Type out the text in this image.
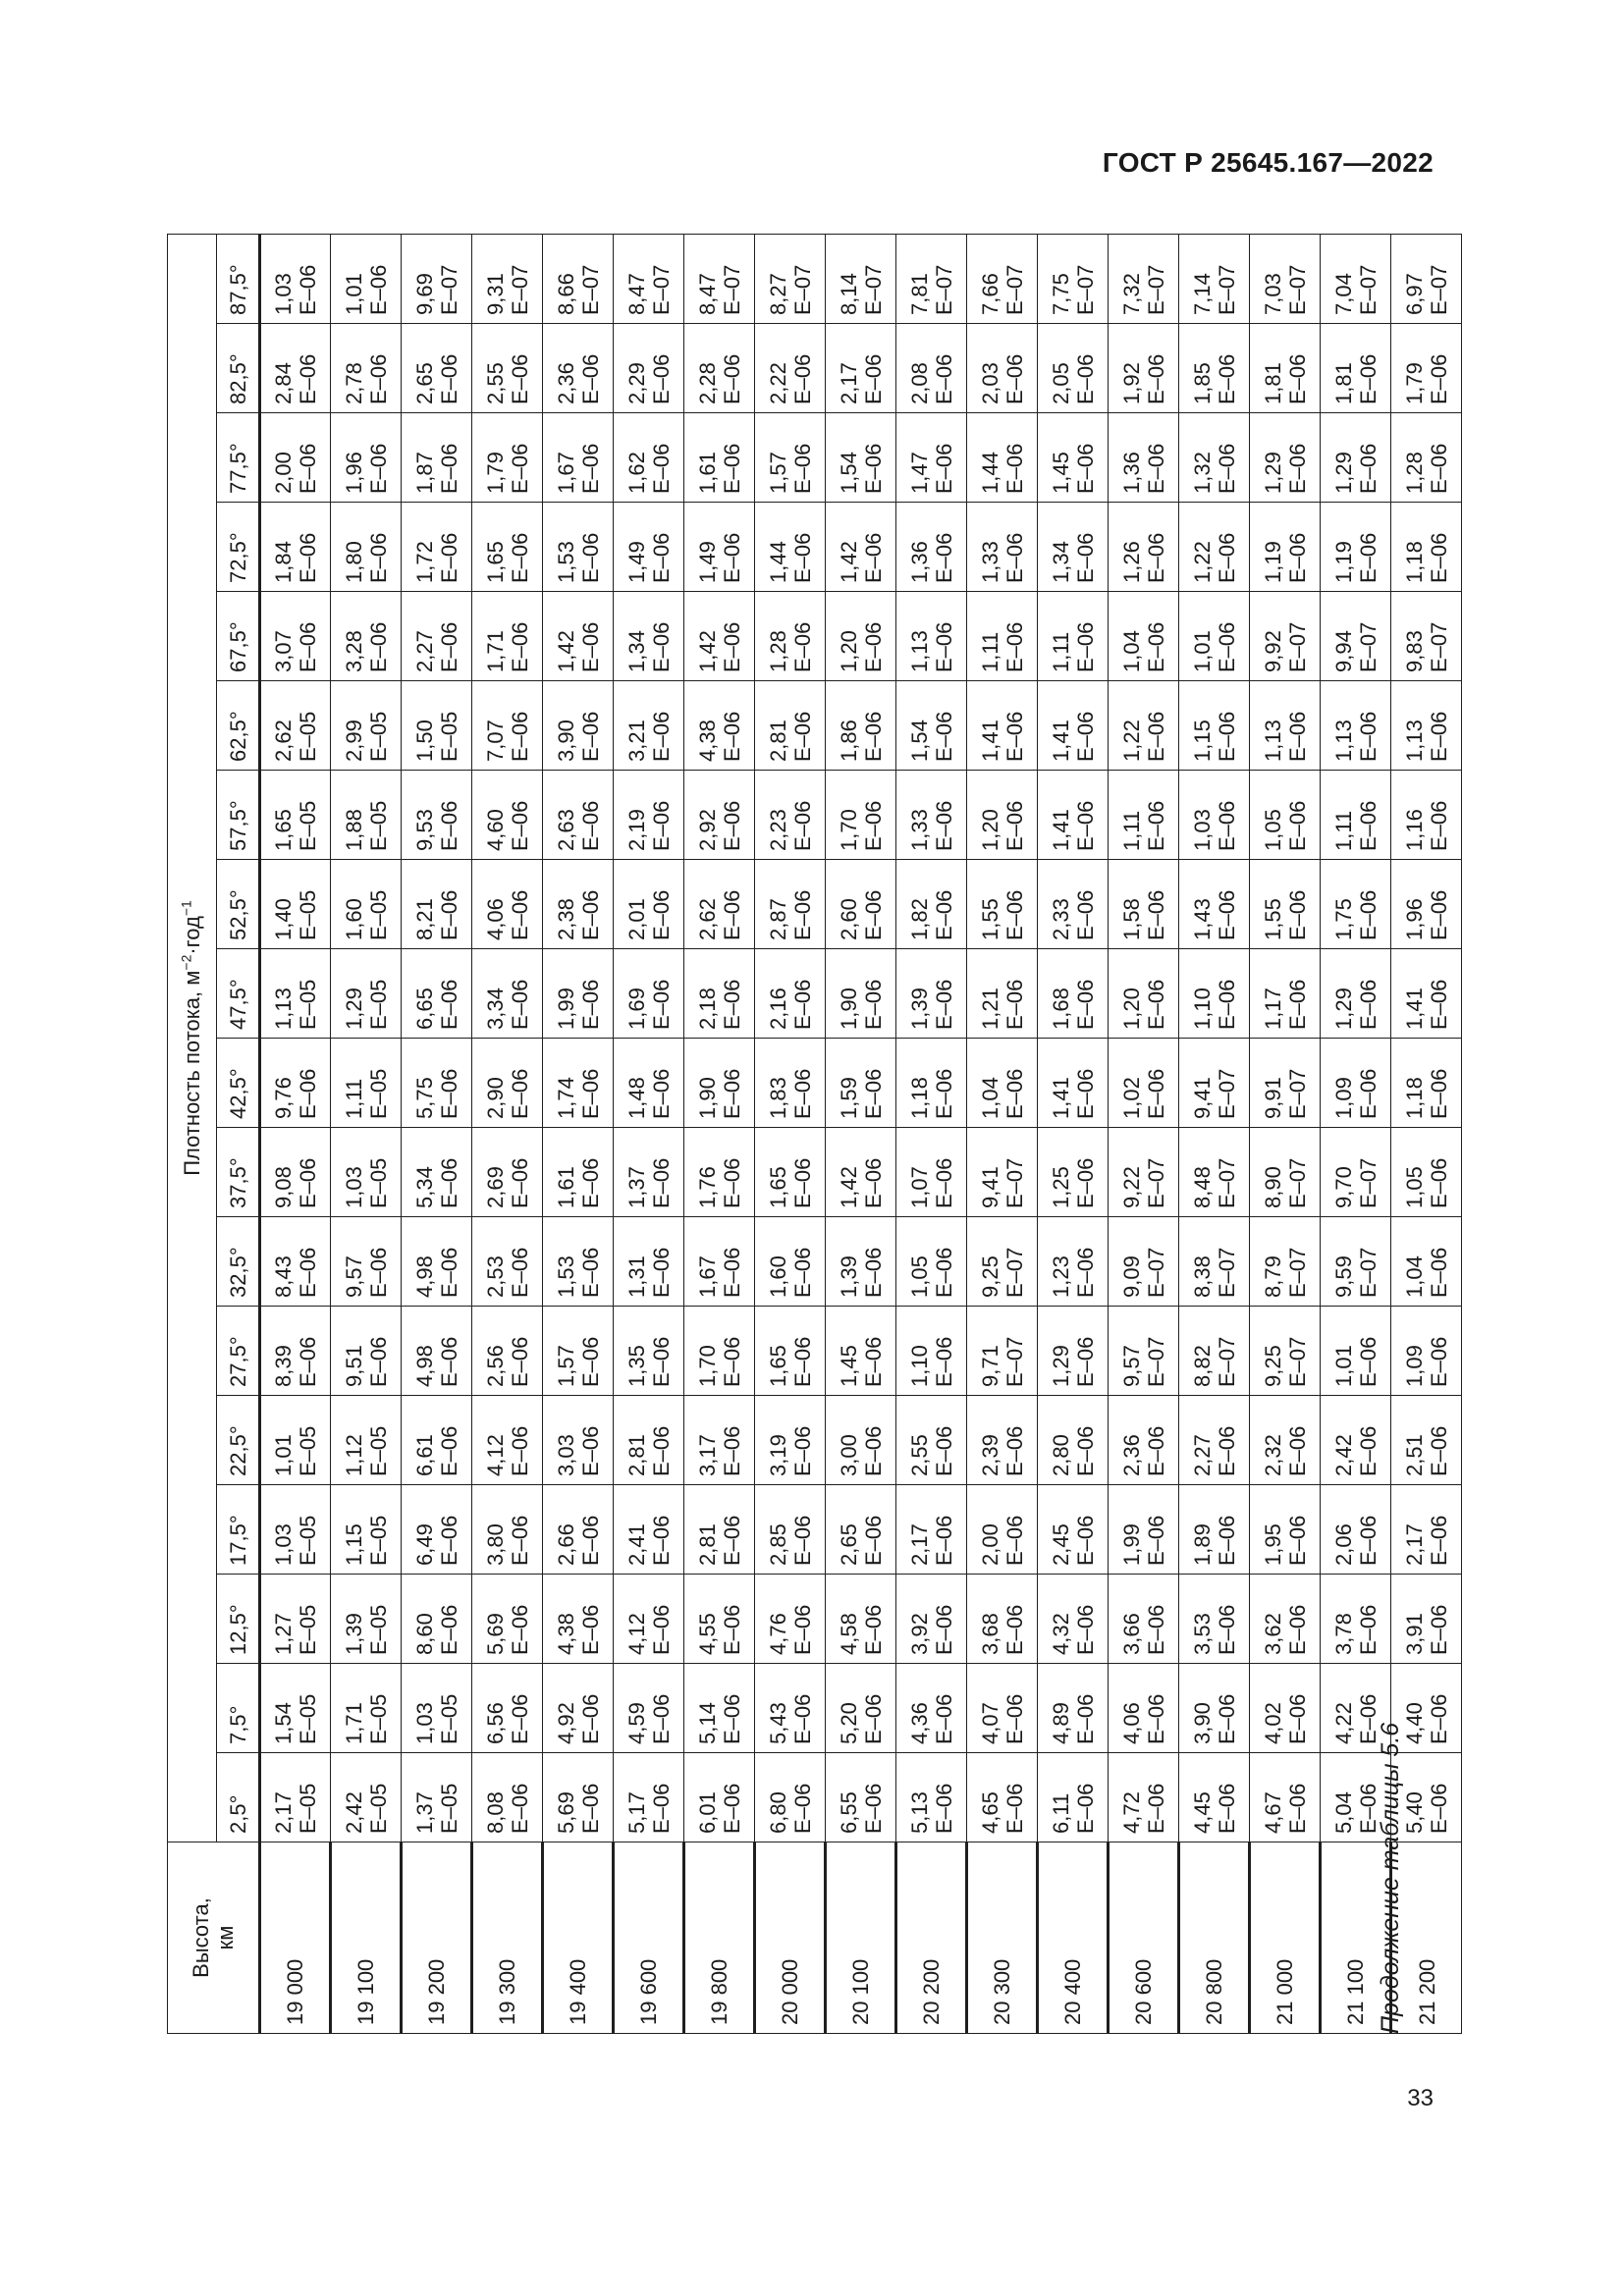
ГОСТ Р 25645.167—2022
Высота, км	Плотность потока, $м^{-2}\cdot год^{-1}$
	2,5°	7,5°	12,5°	17,5°	22,5°	27,5°	32,5°	37,5°	42,5°	47,5°	52,5°	57,5°	62,5°	67,5°	72,5°	77,5°	82,5°	87,5°
19 000	2,17 Е–05	1,54 Е–05	1,27 Е–05	1,03 Е–05	1,01 Е–05	8,39 Е–06	8,43 Е–06	9,08 Е–06	9,76 Е–06	1,13 Е–05	1,40 Е–05	1,65 Е–05	2,62 Е–05	3,07 Е–06	1,84 Е–06	2,00 Е–06	2,84 Е–06	1,03 Е–06

19 100	2,42 Е–05	1,71 Е–05	1,39 Е–05	1,15 Е–05	1,12 Е–05	9,51 Е–06	9,57 Е–06	1,03 Е–05	1,11 Е–05	1,29 Е–05	1,60 Е–05	1,88 Е–05	2,99 Е–05	3,28 Е–06	1,80 Е–06	1,96 Е–06	2,78 Е–06	1,01 Е–06

19 200	1,37 Е–05	1,03 Е–05	8,60 Е–06	6,49 Е–06	6,61 Е–06	4,98 Е–06	4,98 Е–06	5,34 Е–06	5,75 Е–06	6,65 Е–06	8,21 Е–06	9,53 Е–06	1,50 Е–05	2,27 Е–06	1,72 Е–06	1,87 Е–06	2,65 Е–06	9,69 Е–07

19 300	8,08 Е–06	6,56 Е–06	5,69 Е–06	3,80 Е–06	4,12 Е–06	2,56 Е–06	2,53 Е–06	2,69 Е–06	2,90 Е–06	3,34 Е–06	4,06 Е–06	4,60 Е–06	7,07 Е–06	1,71 Е–06	1,65 Е–06	1,79 Е–06	2,55 Е–06	9,31 Е–07

19 400	5,69 Е–06	4,92 Е–06	4,38 Е–06	2,66 Е–06	3,03 Е–06	1,57 Е–06	1,53 Е–06	1,61 Е–06	1,74 Е–06	1,99 Е–06	2,38 Е–06	2,63 Е–06	3,90 Е–06	1,42 Е–06	1,53 Е–06	1,67 Е–06	2,36 Е–06	8,66 Е–07

19 600	5,17 Е–06	4,59 Е–06	4,12 Е–06	2,41 Е–06	2,81 Е–06	1,35 Е–06	1,31 Е–06	1,37 Е–06	1,48 Е–06	1,69 Е–06	2,01 Е–06	2,19 Е–06	3,21 Е–06	1,34 Е–06	1,49 Е–06	1,62 Е–06	2,29 Е–06	8,47 Е–07

19 800	6,01 Е–06	5,14 Е–06	4,55 Е–06	2,81 Е–06	3,17 Е–06	1,70 Е–06	1,67 Е–06	1,76 Е–06	1,90 Е–06	2,18 Е–06	2,62 Е–06	2,92 Е–06	4,38 Е–06	1,42 Е–06	1,49 Е–06	1,61 Е–06	2,28 Е–06	8,47 Е–07

20 000	6,80 Е–06	5,43 Е–06	4,76 Е–06	2,85 Е–06	3,19 Е–06	1,65 Е–06	1,60 Е–06	1,65 Е–06	1,83 Е–06	2,16 Е–06	2,87 Е–06	2,23 Е–06	2,81 Е–06	1,28 Е–06	1,44 Е–06	1,57 Е–06	2,22 Е–06	8,27 Е–07

20 100	6,55 Е–06	5,20 Е–06	4,58 Е–06	2,65 Е–06	3,00 Е–06	1,45 Е–06	1,39 Е–06	1,42 Е–06	1,59 Е–06	1,90 Е–06	2,60 Е–06	1,70 Е–06	1,86 Е–06	1,20 Е–06	1,42 Е–06	1,54 Е–06	2,17 Е–06	8,14 Е–07

20 200	5,13 Е–06	4,36 Е–06	3,92 Е–06	2,17 Е–06	2,55 Е–06	1,10 Е–06	1,05 Е–06	1,07 Е–06	1,18 Е–06	1,39 Е–06	1,82 Е–06	1,33 Е–06	1,54 Е–06	1,13 Е–06	1,36 Е–06	1,47 Е–06	2,08 Е–06	7,81 Е–07

20 300	4,65 Е–06	4,07 Е–06	3,68 Е–06	2,00 Е–06	2,39 Е–06	9,71 Е–07	9,25 Е–07	9,41 Е–07	1,04 Е–06	1,21 Е–06	1,55 Е–06	1,20 Е–06	1,41 Е–06	1,11 Е–06	1,33 Е–06	1,44 Е–06	2,03 Е–06	7,66 Е–07

20 400	6,11 Е–06	4,89 Е–06	4,32 Е–06	2,45 Е–06	2,80 Е–06	1,29 Е–06	1,23 Е–06	1,25 Е–06	1,41 Е–06	1,68 Е–06	2,33 Е–06	1,41 Е–06	1,41 Е–06	1,11 Е–06	1,34 Е–06	1,45 Е–06	2,05 Е–06	7,75 Е–07

20 600	4,72 Е–06	4,06 Е–06	3,66 Е–06	1,99 Е–06	2,36 Е–06	9,57 Е–07	9,09 Е–07	9,22 Е–07	1,02 Е–06	1,20 Е–06	1,58 Е–06	1,11 Е–06	1,22 Е–06	1,04 Е–06	1,26 Е–06	1,36 Е–06	1,92 Е–06	7,32 Е–07

20 800	4,45 Е–06	3,90 Е–06	3,53 Е–06	1,89 Е–06	2,27 Е–06	8,82 Е–07	8,38 Е–07	8,48 Е–07	9,41 Е–07	1,10 Е–06	1,43 Е–06	1,03 Е–06	1,15 Е–06	1,01 Е–06	1,22 Е–06	1,32 Е–06	1,85 Е–06	7,14 Е–07

21 000	4,67 Е–06	4,02 Е–06	3,62 Е–06	1,95 Е–06	2,32 Е–06	9,25 Е–07	8,79 Е–07	8,90 Е–07	9,91 Е–07	1,17 Е–06	1,55 Е–06	1,05 Е–06	1,13 Е–06	9,92 Е–07	1,19 Е–06	1,29 Е–06	1,81 Е–06	7,03 Е–07

21 100	5,04 Е–06	4,22 Е–06	3,78 Е–06	2,06 Е–06	2,42 Е–06	1,01 Е–06	9,59 Е–07	9,70 Е–07	1,09 Е–06	1,29 Е–06	1,75 Е–06	1,11 Е–06	1,13 Е–06	9,94 Е–07	1,19 Е–06	1,29 Е–06	1,81 Е–06	7,04 Е–07

21 200	5,40 Е–06	4,40 Е–06	3,91 Е–06	2,17 Е–06	2,51 Е–06	1,09 Е–06	1,04 Е–06	1,05 Е–06	1,18 Е–06	1,41 Е–06	1,96 Е–06	1,16 Е–06	1,13 Е–06	9,83 Е–07	1,18 Е–06	1,28 Е–06	1,79 Е–06	6,97 Е–07
Продолжение таблицы 5.6
33
